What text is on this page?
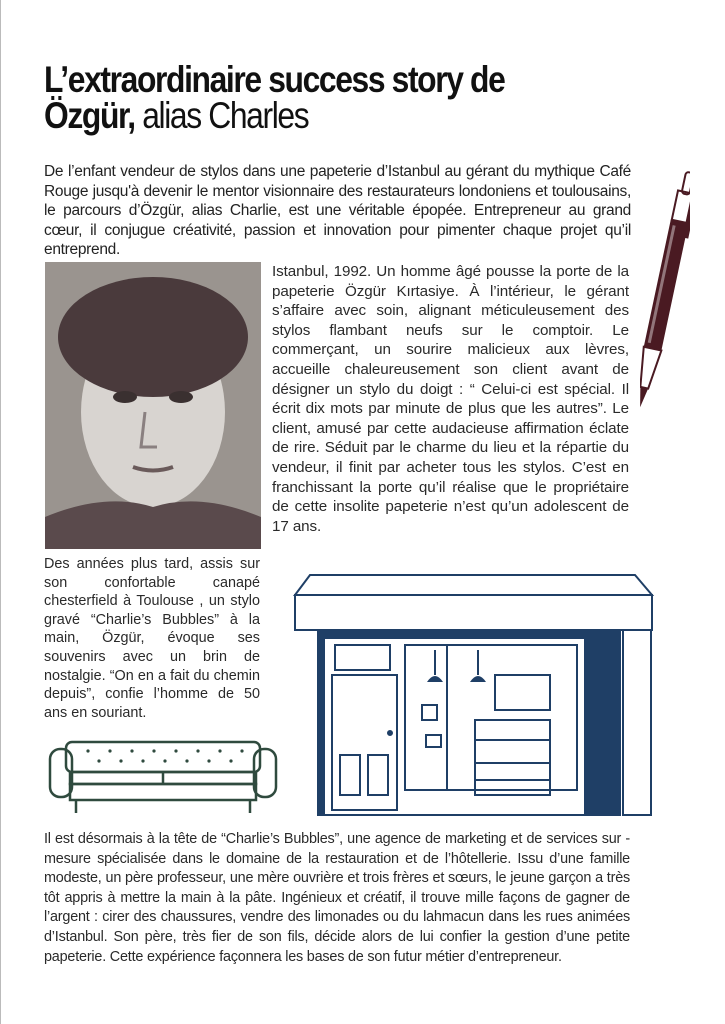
L’extraordinaire success story de Özgür, alias Charles

De l’enfant vendeur de stylos dans une papeterie d’Istanbul au gérant du mythique Café Rouge jusqu'à devenir le mentor visionnaire des restaurateurs londoniens et toulousains, le parcours d’Özgür, alias Charlie, est une véritable épopée. Entrepreneur au grand cœur, il conjugue créativité, passion et innovation pour pimenter chaque projet qu’il entreprend.

Istanbul, 1992. Un homme âgé pousse la porte de la papeterie Özgür Kırtasiye. À l’intérieur, le gérant s’affaire avec soin, alignant méticuleusement des stylos flambant neufs sur le comptoir. Le commerçant, un sourire malicieux aux lèvres, accueille chaleureusement son client avant de désigner un stylo du doigt : “ Celui-ci est spécial. Il écrit dix mots par minute de plus que les autres”. Le client, amusé par cette audacieuse affirmation éclate de rire. Séduit par le charme du lieu et la répartie du vendeur, il finit par acheter tous les stylos. C’est en franchissant la porte qu’il réalise que le propriétaire de cette insolite papeterie n’est qu’un adolescent de 17 ans.

Des années plus tard, assis sur son confortable canapé chesterfield à Toulouse , un stylo gravé “Charlie’s Bubbles” à la main, Özgür, évoque ses souvenirs avec un brin de nostalgie. “On en a fait du chemin depuis”, confie l’homme de 50 ans en souriant.

Il est désormais à la tête de “Charlie’s Bubbles”, une agence de marketing et de services sur - mesure spécialisée dans le domaine de la restauration et de l’hôtellerie. Issu d’une famille modeste, un père professeur, une mère ouvrière et trois frères et sœurs, le jeune garçon a très tôt appris à mettre la main à la pâte. Ingénieux et créatif, il trouve mille façons de gagner de l’argent : cirer des chaussures, vendre des limonades ou du lahmacun dans les rues animées d’Istanbul. Son père, très fier de son fils, décide alors de lui confier la gestion d’une petite papeterie. Cette expérience façonnera les bases de son futur métier d’entrepreneur.
